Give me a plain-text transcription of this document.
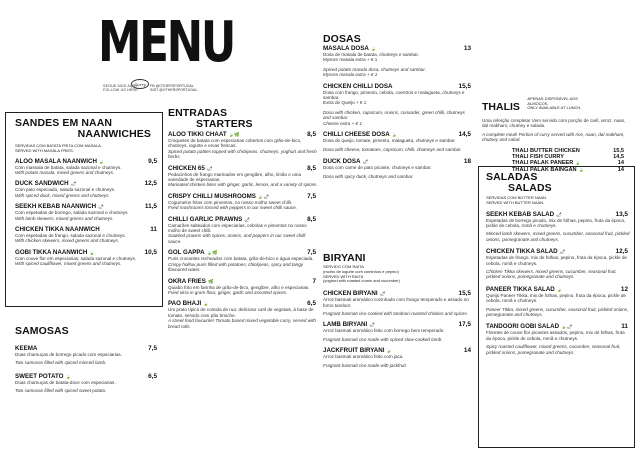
MENU
SEGUE-NOS AQUI
FOLLOW US HERE
Curry	FB @OTHERSPORTUGAL
INST @OTHERSPORTUGAL
SANDES EM NAAN
NAANWICHES
SERVIDAS COM BATATA FRITA COM MASALA.
SERVED WITH MASALA FRIES.
ALOO MASALA NAANWICH 🍃	9,5
Com massala de batata, salada sazonal e chutneys.
With potato masala, mixed greens and chutneys.
DUCK SANDWICH 🌶	12,5
Com pato especiado, salada sazonal e chutneys.
With spiced duck, mixed greens and chutneys.
SEEKH KEBAB NAANWICH 🌶	11,5
Com espetadas de borrego, salada sazonal e chutneys.
With lamb skewers, mixed greens and chutneys.
CHICKEN TIKKA NAANWICH	11
Com espetadas de frango, salada sazonal e chutneys.
With chicken skewers, mixed greens and chutneys.
GOBI TIKKA NAANWICH 🍃	10,5
Com couve flor em especiarias, salada sazonal e chutneys.
With spiced cauliflower, mixed greens and chutneys.
SAMOSAS
KEEMA	7,5
Duas chamuças de borrego picado com especiarias.
Two samosas filled with spiced minced lamb.
SWEET POTATO 🍃	6,5
Duas chamuças de batata-doce com especiarias.
Two samosas filled with spiced sweet potato.
ENTRADAS
STARTERS
ALOO TIKKI CHAAT 🍃🌿	8,5
Croquetes de batata com especiarias cobertos com grão-de-bico, chutneys, iogurte e ervas frescas.
Spiced potato patties topped with chickpeas, chutneys, yoghurt and fresh herbs.
CHICKEN 65 🌶	8,5
Pedacinhos de frango marinados em gengibre, alho, limão e uma variedade de especiarias.
Marinated chicken bites with ginger, garlic, lemon, and a variety of spices.
CRISPY CHILLI MUSHROOMS 🍃🌶	7,5
Cogumelos fritos com pimentos, no nosso molho sweet chilli.
Fried mushrooms tossed with peppers in our sweet chilli sauce.
CHILLI GARLIC PRAWNS 🌶	8,5
Camarões salteados com especiarias, cebolas e pimentos no nosso molho de sweet chilli.
Sautéed prawns with spices, onions, and peppers in our sweet chilli sauce.
GOL GAPPA 🍃🌿	7,5
Puris crocantes recheados com batata, grão-de-bico e água especiada.
Crispy hollow puris filled with potatoes, chickpeas, spicy and tangy flavoured water.
OKRA FRIES 🌿	7
Quiabo frito em farinha de grão-de-bico, gengibre, alho e especiarias.
Fried okra in gram flour, ginger, garlic and assorted spices.
PAO BHAJI 🍃	6,5
Um prato típico de comida de rua: delicioso caril de vegetais, à base de tomate, servido com pão brioche.
A street food favourite! Tomato based mixed vegetable curry, served with bread rolls.
DOSAS
MASALA DOSA 🍃	13
Dosa de masala de batata, chutneys e sambar.
Mysore masala extra + € 1
Spiced potato masala dosa, chutneys and sambar.
Mysore masala extra + € 1
CHICKEN CHILLI DOSA	15,5
Dosa com frango, pimento, cebola, coentros e malagueta, chutneys e sambar.
Extra de Queijo + € 1
Dosa with chicken, capsicum, onions, coriander, green chilli, chutneys and sambar.
Cheese extra + € 1
CHILLI CHEESE DOSA 🍃	14,5
Dosa de queijo, tomate, pimento, malagueta, chutneys e sambar.
Dosa with cheese, tomatoes, capsicum, chilli, chutneys and sambar.
DUCK DOSA 🌶	18
Dosa com carne de pato picante, chutneys e sambar.
Dosa with spicy duck, chutneys and sambar.
BIRYANI
SERVIDO COM RAITA
(molho de iogurte com cominhos e pepino)
SERVED WITH RAITA
(yoghurt with roasted cumin and cucumber)
CHICKEN BIRYANI 🌶	15,5
Arroz basmati aromático cozinhado com frango temperado e assado no forno tandoor.
Fragrant basmati rice cooked with tandoori-roasted chicken and spices.
LAMB BIRYANI 🌶	17,5
Arroz basmati aromático feito com borrego bem temperado.
Fragrant basmati rice made with spiced slow-cooked lamb.
JACKFRUIT BIRYANI 🍃	14
Arroz basmati aromático feito com jaca.
Fragrant basmati rice made with jackfruit.
THALIS
APENAS DISPONÍVEL AOS ALMOÇOS.
ONLY AVAILABLE AT LUNCH.
Uma refeição completa! Vem servido com porção de caril, arroz, naan, dal makhani, chutney e salada.
A complete meal! Portion of curry served with rice, naan, dal makhani, chutney and salad.
THALI BUTTER CHICKEN	15,5
THALI FISH CURRY	14,5
THALI PALAK PANEER 🍃	14
THALI PALAK BAINGAN 🍃	14
SALADAS
SALADS
SERVIDAS COM BUTTER NAAN.
SERVED WITH BUTTER NAAN.
SEEKH KEBAB SALAD 🌶	13,5
Espetadas de borrego picado, mix de folhas, pepino, fruta da época, pickle de cebola, romã e chutneys.
Minced lamb skewers, mixed greens, cucumber, seasonal fruit, pickled onions, pomegranate and chutneys.
CHICKEN TIKKA SALAD 🌶	12,5
Espetadas de frango, mix de folhas, pepino, fruta da época, pickle de cebola, romã e chutneys.
Chicken Tikka skewers, mixed greens, cucumber, seasonal fruit, pickled onions, pomegranate and chutneys.
PANEER TIKKA SALAD 🍃	12
Queijo Paneer Tikka, mix de folhas, pepino, fruta da época, pickle de cebola, romã e chutneys.
Paneer Tikka, mixed greens, cucumber, seasonal fruit, pickled onions, pomegranate and chutneys.
TANDOORI GOBI SALAD 🍃🌶	11
Floretes de couve flor picantes assados, pepino, mix de folhas, fruta da época, pickle de cebola, romã e chutneys.
Spicy roasted cauliflower, mixed greens, cucumber, seasonal fruit, pickled onions, pomegranate and chutneys.
